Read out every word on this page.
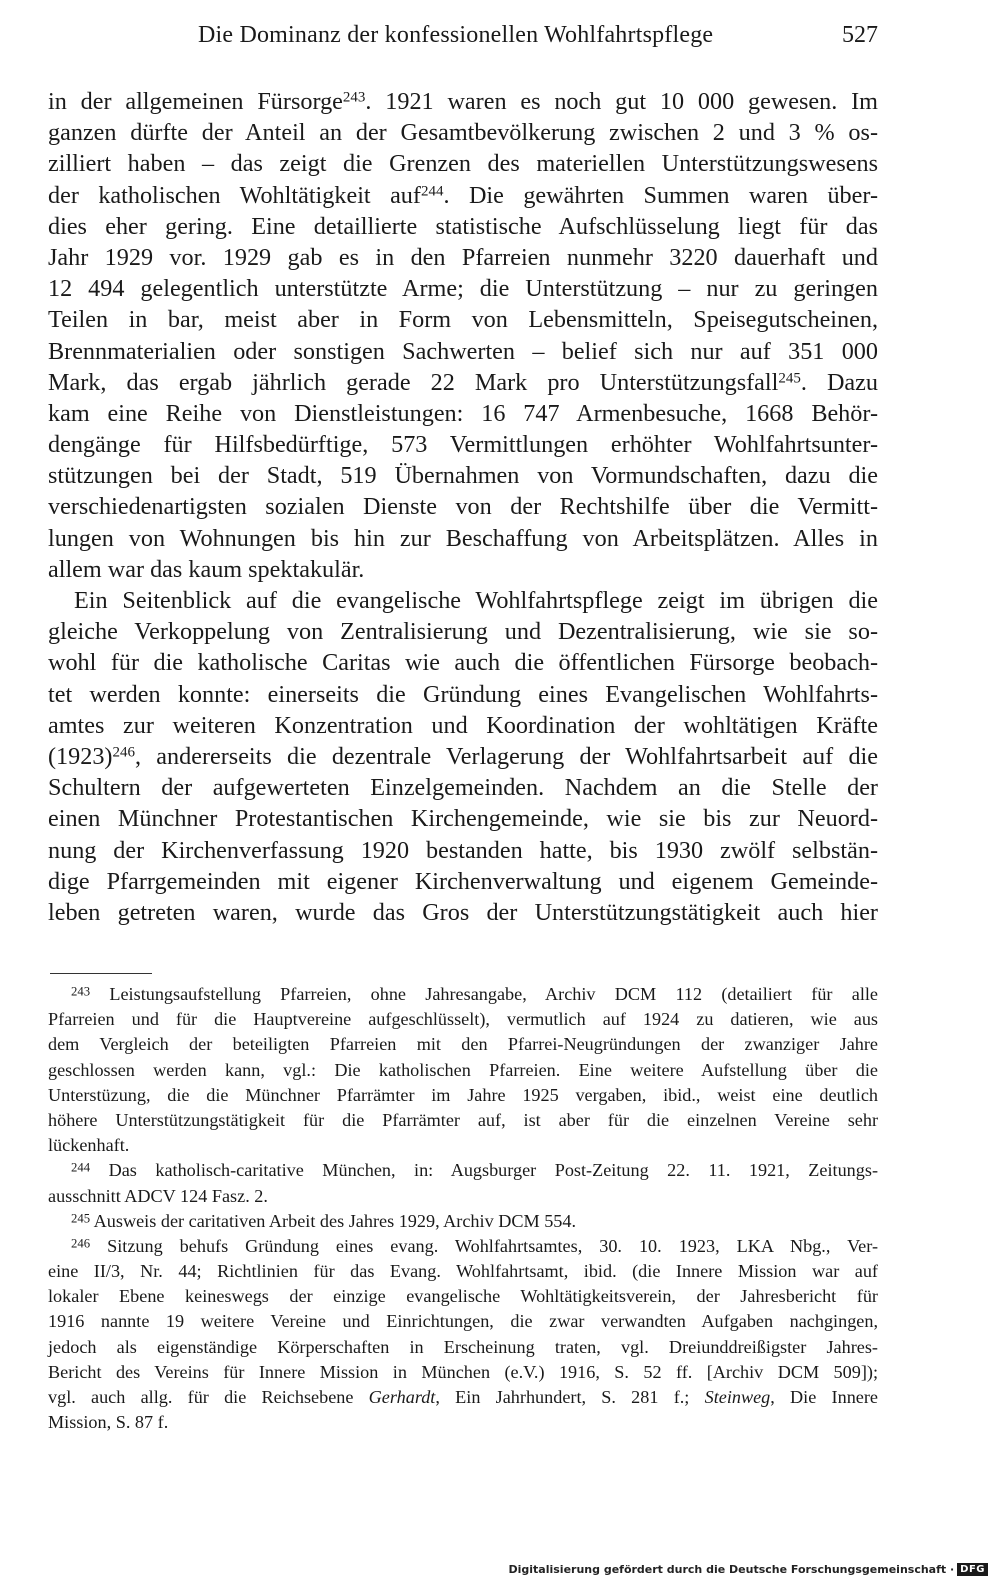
Die Dominanz der konfessionellen Wohlfahrtspflege	527
in der allgemeinen Fürsorge$^{243}$. 1921 waren es noch gut 10 000 gewesen. Im
ganzen dürfte der Anteil an der Gesamtbevölkerung zwischen 2 und 3 % os-
zilliert haben – das zeigt die Grenzen des materiellen Unterstützungswesens
der katholischen Wohltätigkeit auf$^{244}$. Die gewährten Summen waren über-
dies eher gering. Eine detaillierte statistische Aufschlüsselung liegt für das
Jahr 1929 vor. 1929 gab es in den Pfarreien nunmehr 3220 dauerhaft und
12 494 gelegentlich unterstützte Arme; die Unterstützung – nur zu geringen
Teilen in bar, meist aber in Form von Lebensmitteln, Speisegutscheinen,
Brennmaterialien oder sonstigen Sachwerten – belief sich nur auf 351 000
Mark, das ergab jährlich gerade 22 Mark pro Unterstützungsfall$^{245}$. Dazu
kam eine Reihe von Dienstleistungen: 16 747 Armenbesuche, 1668 Behör-
dengänge für Hilfsbedürftige, 573 Vermittlungen erhöhter Wohlfahrtsunter-
stützungen bei der Stadt, 519 Übernahmen von Vormundschaften, dazu die
verschiedenartigsten sozialen Dienste von der Rechtshilfe über die Vermitt-
lungen von Wohnungen bis hin zur Beschaffung von Arbeitsplätzen. Alles in
allem war das kaum spektakulär.
Ein Seitenblick auf die evangelische Wohlfahrtspflege zeigt im übrigen die
gleiche Verkoppelung von Zentralisierung und Dezentralisierung, wie sie so-
wohl für die katholische Caritas wie auch die öffentlichen Fürsorge beobach-
tet werden konnte: einerseits die Gründung eines Evangelischen Wohlfahrts-
amtes zur weiteren Konzentration und Koordination der wohltätigen Kräfte
$(1923)^{246}$, andererseits die dezentrale Verlagerung der Wohlfahrtsarbeit auf die
Schultern der aufgewerteten Einzelgemeinden. Nachdem an die Stelle der
einen Münchner Protestantischen Kirchengemeinde, wie sie bis zur Neuord-
nung der Kirchenverfassung 1920 bestanden hatte, bis 1930 zwölf selbstän-
dige Pfarrgemeinden mit eigener Kirchenverwaltung und eigenem Gemeinde-
leben getreten waren, wurde das Gros der Unterstützungstätigkeit auch hier
$^{243}$ Leistungsaufstellung Pfarreien, ohne Jahresangabe, Archiv DCM 112 (detailiert für alle
Pfarreien und für die Hauptvereine aufgeschlüsselt), vermutlich auf 1924 zu datieren, wie aus
dem Vergleich der beteiligten Pfarreien mit den Pfarrei-Neugründungen der zwanziger Jahre
geschlossen werden kann, vgl.: Die katholischen Pfarreien. Eine weitere Aufstellung über die
Unterstüzung, die die Münchner Pfarrämter im Jahre 1925 vergaben, ibid., weist eine deutlich
höhere Unterstützungstätigkeit für die Pfarrämter auf, ist aber für die einzelnen Vereine sehr
lückenhaft.
$^{244}$ Das katholisch-caritative München, in: Augsburger Post-Zeitung 22. 11. 1921, Zeitungs-
ausschnitt ADCV 124 Fasz. 2.
$^{245}$ Ausweis der caritativen Arbeit des Jahres 1929, Archiv DCM 554.
$^{246}$ Sitzung behufs Gründung eines evang. Wohlfahrtsamtes, 30. 10. 1923, LKA Nbg., Ver-
eine II/3, Nr. 44; Richtlinien für das Evang. Wohlfahrtsamt, ibid. (die Innere Mission war auf
lokaler Ebene keineswegs der einzige evangelische Wohltätigkeitsverein, der Jahresbericht für
1916 nannte 19 weitere Vereine und Einrichtungen, die zwar verwandten Aufgaben nachgingen,
jedoch als eigenständige Körperschaften in Erscheinung traten, vgl. Dreiunddreißigster Jahres-
Bericht des Vereins für Innere Mission in München (e.V.) 1916, S. 52 ff. [Archiv DCM 509]);
vgl. auch allg. für die Reichsebene Gerhardt, Ein Jahrhundert, S. 281 f.; Steinweg, Die Innere
Mission, S. 87 f.
Digitalisierung gefördert durch die Deutsche Forschungsgemeinschaft · DFG
